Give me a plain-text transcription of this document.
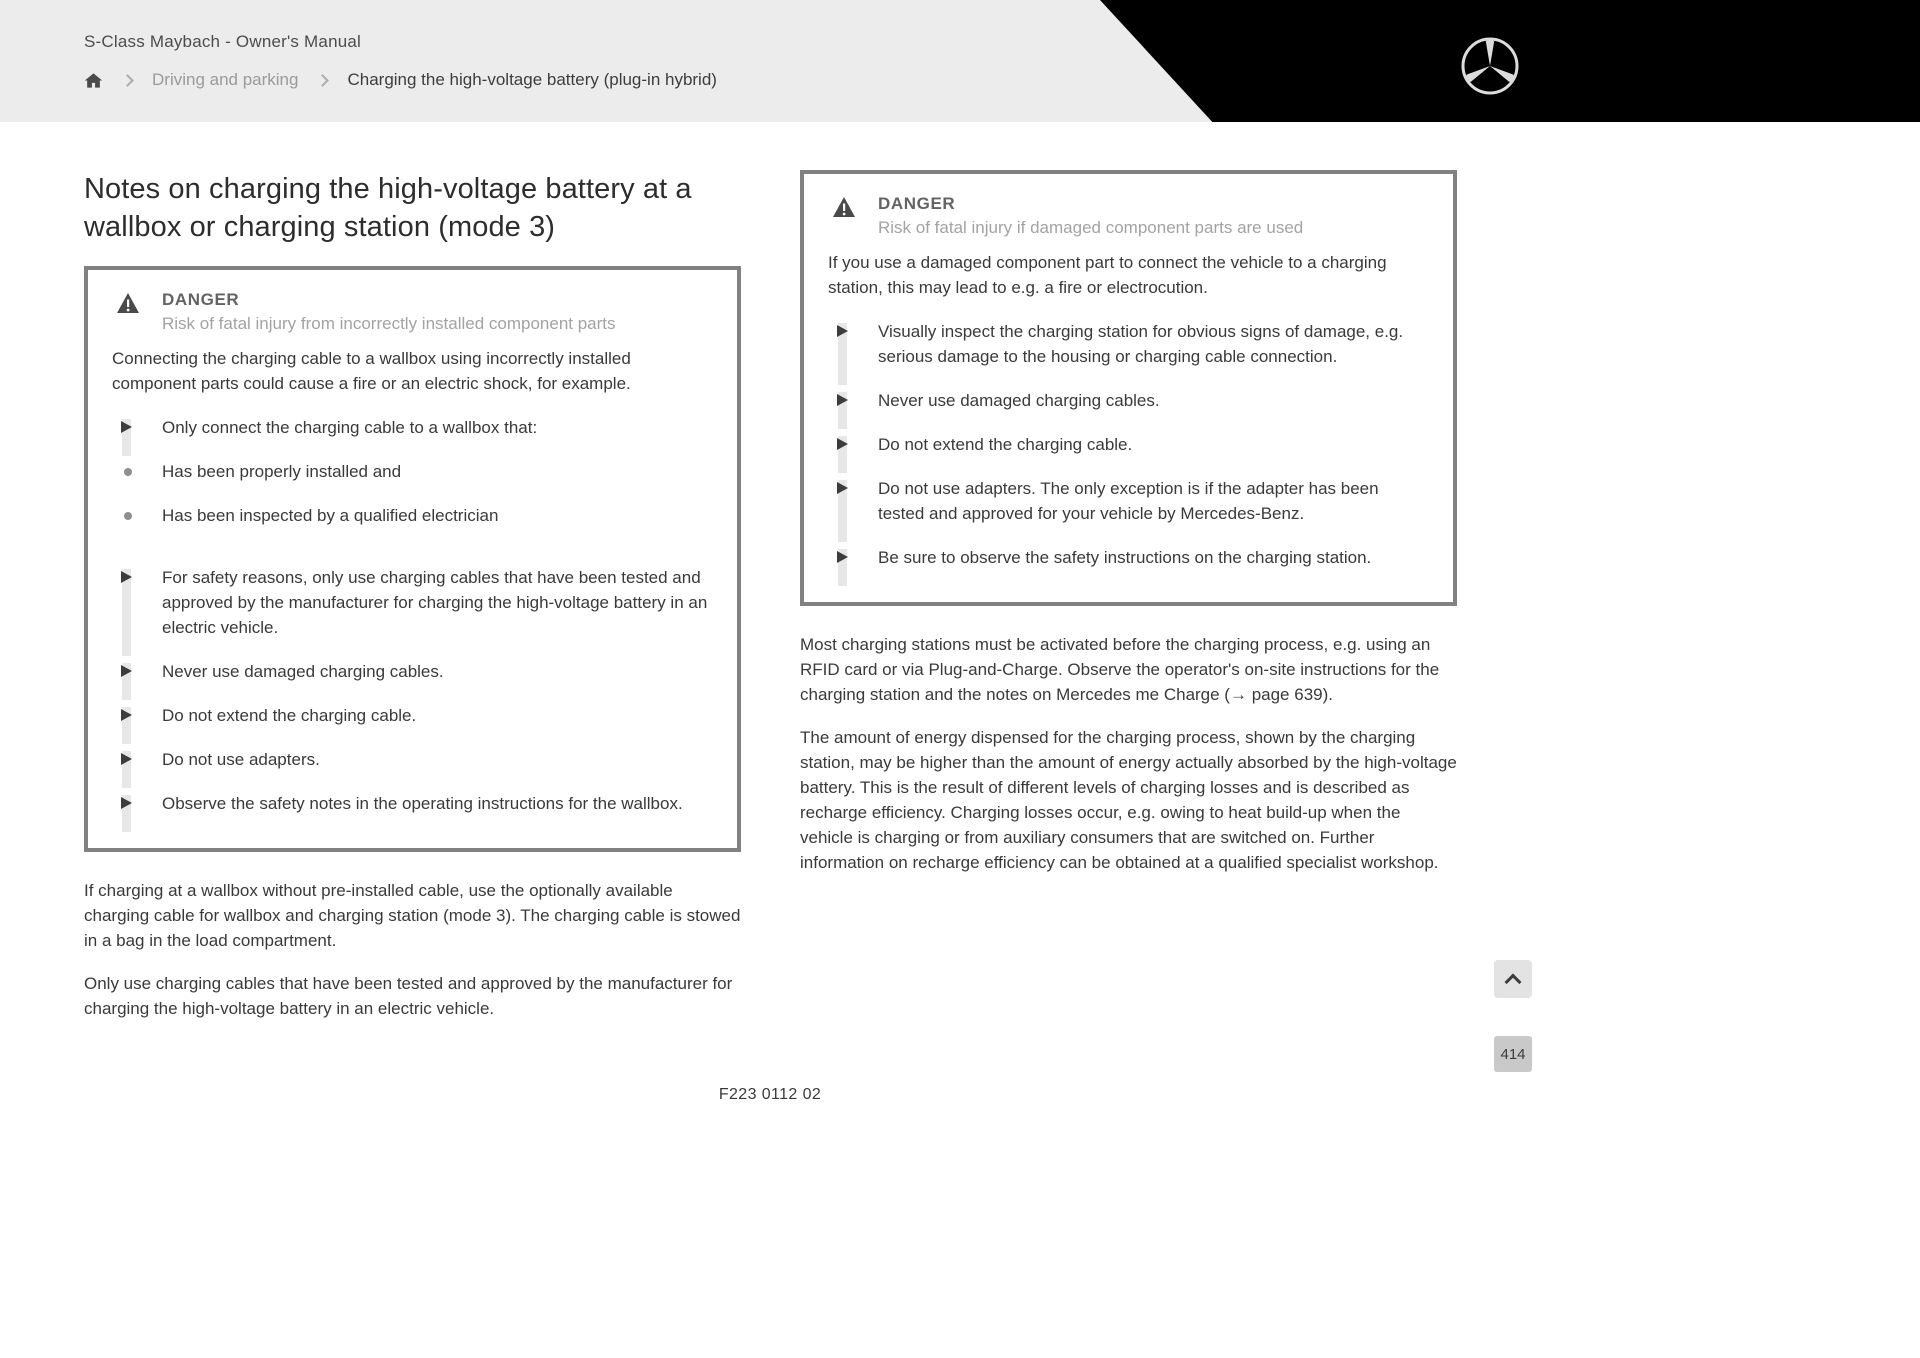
S-Class Maybach - Owner's Manual
Driving and parking	Charging the high-voltage battery (plug-in hybrid)
Notes on charging the high-voltage battery at a wallbox or charging station (mode 3)
DANGER
Risk of fatal injury from incorrectly installed component parts
Connecting the charging cable to a wallbox using incorrectly installed component parts could cause a fire or an electric shock, for example.
Only connect the charging cable to a wallbox that:
Has been properly installed and
Has been inspected by a qualified electrician
For safety reasons, only use charging cables that have been tested and approved by the manufacturer for charging the high-voltage battery in an electric vehicle.
Never use damaged charging cables.
Do not extend the charging cable.
Do not use adapters.
Observe the safety notes in the operating instructions for the wallbox.

If charging at a wallbox without pre-installed cable, use the optionally available charging cable for wallbox and charging station (mode 3). The charging cable is stowed in a bag in the load compartment.

Only use charging cables that have been tested and approved by the manufacturer for charging the high-voltage battery in an electric vehicle.

DANGER
Risk of fatal injury if damaged component parts are used
If you use a damaged component part to connect the vehicle to a charging station, this may lead to e.g. a fire or electrocution.
Visually inspect the charging station for obvious signs of damage, e.g. serious damage to the housing or charging cable connection.
Never use damaged charging cables.
Do not extend the charging cable.
Do not use adapters. The only exception is if the adapter has been tested and approved for your vehicle by Mercedes-Benz.
Be sure to observe the safety instructions on the charging station.

Most charging stations must be activated before the charging process, e.g. using an RFID card or via Plug-and-Charge. Observe the operator's on-site instructions for the charging station and the notes on Mercedes me Charge (→ page 639).

The amount of energy dispensed for the charging process, shown by the charging station, may be higher than the amount of energy actually absorbed by the high-voltage battery. This is the result of different levels of charging losses and is described as recharge efficiency. Charging losses occur, e.g. owing to heat build-up when the vehicle is charging or from auxiliary consumers that are switched on. Further information on recharge efficiency can be obtained at a qualified specialist workshop.

F223 0112 02
414
